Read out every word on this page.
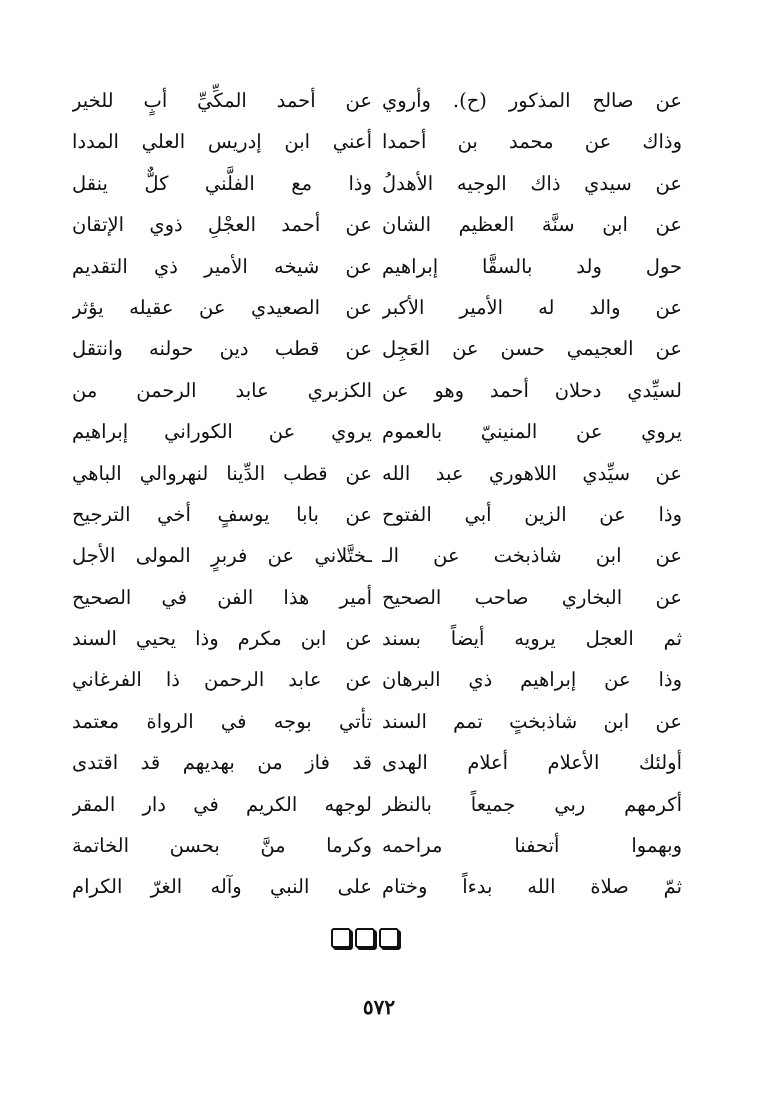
عن صالح المذكور (ح). وأروي
وذاك عن محمد بن أحمدا
عن سيدي ذاك الوجيه الأهدلُ
عن ابن سنَّة العظيم الشان
حول ولد بالسقَّا إبراهيم
عن والد له الأمير الأكبر
عن العجيمي حسن عن العَجِل
لسيِّدي دحلان أحمد وهو عن
يروي عن المنينيّ بالعموم
عن سيِّدي اللاهوري عبد الله
وذا عن الزين أبي الفتوح
عن ابن شاذبخت عن الـ
عن البخاري صاحب الصحيح
ثم العجل يرويه أيضاً بسند
وذا عن إبراهيم ذي البرهان
عن ابن شاذبختٍ تمم السند
أولئك الأعلام أعلام الهدى
أكرمهم ربي جميعاً بالنظر
وبهموا أتحفنا مراحمه
ثمّ صلاة الله بدءاً وختام
عن أحمد المكِّيِّ أبٍ للخير
أعني ابن إدريس العلي المددا
وذا مع الفلَّني كلٌّ ينقل
عن أحمد العجْلِ ذوي الإتقان
عن شيخه الأمير ذي التقديم
عن الصعيدي عن عقيله يؤثر
عن قطب دين حولنه وانتقل
الكزبري عابد الرحمن من
يروي عن الكوراني إبراهيم
عن قطب الدِّينا لنهروالي الباهي
عن بابا يوسفٍ أخي الترجيح
ـختَّلاني عن فربرٍ المولى الأجل
أمير هذا الفن في الصحيح
عن ابن مكرم وذا يحيي السند
عن عابد الرحمن ذا الفرغاني
تأتي بوجه في الرواة معتمد
قد فاز من بهديهم قد اقتدى
لوجهه الكريم في دار المقر
وكرما منَّ بحسن الخاتمة
على النبي وآله الغرّ الكرام
٥٧٢
